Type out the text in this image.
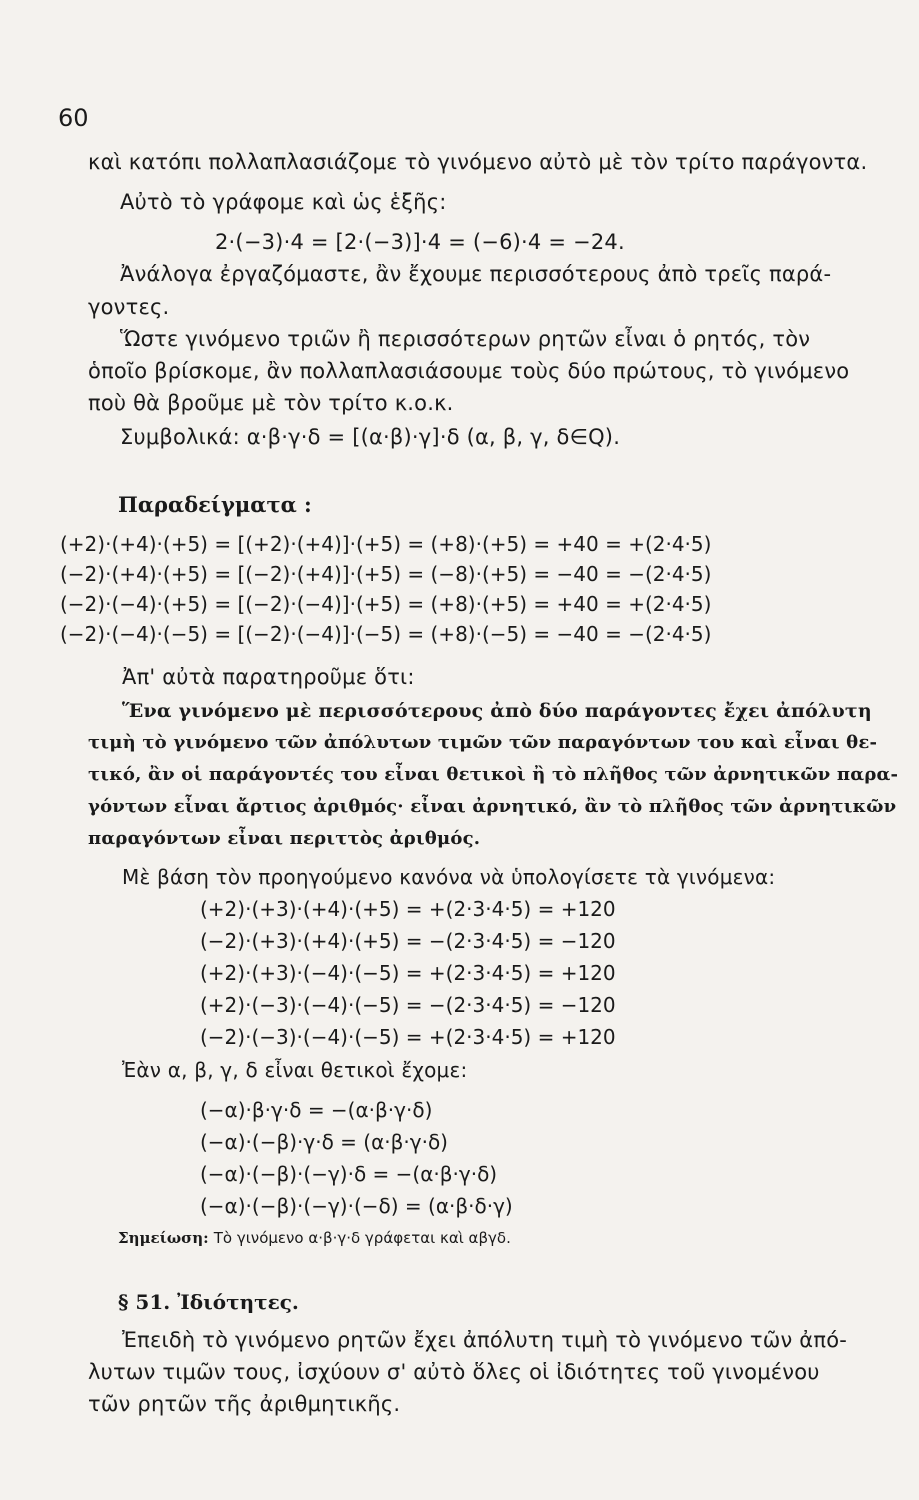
60
καὶ κατόπι πολλαπλασιάζομε τὸ γινόμενο αὐτὸ μὲ τὸν τρίτο παράγοντα.
Αὐτὸ τὸ γράφομε καὶ ὡς ἑξῆς:
2·(−3)·4 = [2·(−3)]·4 = (−6)·4 = −24.
Ἀνάλογα ἐργαζόμαστε, ἂν ἔχουμε περισσότερους ἀπὸ τρεῖς παρά-
γοντες.
Ὥστε γινόμενο τριῶν ἢ περισσότερων ρητῶν εἶναι ὁ ρητός, τὸν
ὁποῖο βρίσκομε, ἂν πολλαπλασιάσουμε τοὺς δύο πρώτους, τὸ γινόμενο
ποὺ θὰ βροῦμε μὲ τὸν τρίτο κ.ο.κ.
Συμβολικά: α·β·γ·δ = [(α·β)·γ]·δ (α, β, γ, δ∈Q).
Παραδείγματα :
(+2)·(+4)·(+5) = [(+2)·(+4)]·(+5) = (+8)·(+5) = +40 = +(2·4·5)
(−2)·(+4)·(+5) = [(−2)·(+4)]·(+5) = (−8)·(+5) = −40 = −(2·4·5)
(−2)·(−4)·(+5) = [(−2)·(−4)]·(+5) = (+8)·(+5) = +40 = +(2·4·5)
(−2)·(−4)·(−5) = [(−2)·(−4)]·(−5) = (+8)·(−5) = −40 = −(2·4·5)
Ἀπ' αὐτὰ παρατηροῦμε ὅτι:
Ἕνα γινόμενο μὲ περισσότερους ἀπὸ δύο παράγοντες ἔχει ἀπόλυτη
τιμὴ τὸ γινόμενο τῶν ἀπόλυτων τιμῶν τῶν παραγόντων του καὶ εἶναι θε-
τικό, ἂν οἱ παράγοντές του εἶναι θετικοὶ ἢ τὸ πλῆθος τῶν ἀρνητικῶν παρα-
γόντων εἶναι ἄρτιος ἀριθμός· εἶναι ἀρνητικό, ἂν τὸ πλῆθος τῶν ἀρνητικῶν
παραγόντων εἶναι περιττὸς ἀριθμός.
Μὲ βάση τὸν προηγούμενο κανόνα νὰ ὑπολογίσετε τὰ γινόμενα:
(+2)·(+3)·(+4)·(+5) = +(2·3·4·5) = +120
(−2)·(+3)·(+4)·(+5) = −(2·3·4·5) = −120
(+2)·(+3)·(−4)·(−5) = +(2·3·4·5) = +120
(+2)·(−3)·(−4)·(−5) = −(2·3·4·5) = −120
(−2)·(−3)·(−4)·(−5) = +(2·3·4·5) = +120
Ἐὰν α, β, γ, δ εἶναι θετικοὶ ἔχομε:
(−α)·β·γ·δ = −(α·β·γ·δ)
(−α)·(−β)·γ·δ = (α·β·γ·δ)
(−α)·(−β)·(−γ)·δ = −(α·β·γ·δ)
(−α)·(−β)·(−γ)·(−δ) = (α·β·δ·γ)
Σημείωση: Τὸ γινόμενο α·β·γ·δ γράφεται καὶ αβγδ.
§ 51. Ἰδιότητες.
Ἐπειδὴ τὸ γινόμενο ρητῶν ἔχει ἀπόλυτη τιμὴ τὸ γινόμενο τῶν ἀπό-
λυτων τιμῶν τους, ἰσχύουν σ' αὐτὸ ὅλες οἱ ἰδιότητες τοῦ γινομένου
τῶν ρητῶν τῆς ἀριθμητικῆς.
